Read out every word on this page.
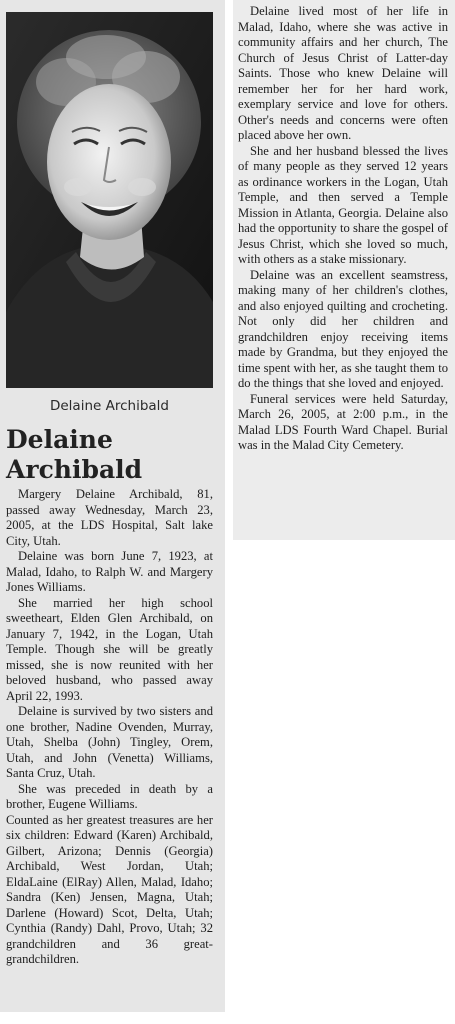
Delaine Archibald
Delaine
Archibald

Margery Delaine Archibald, 81, passed away Wednesday, March 23, 2005, at the LDS Hospital, Salt lake City, Utah.

Delaine was born June 7, 1923, at Malad, Idaho, to Ralph W. and Margery Jones Williams.

She married her high school sweetheart, Elden Glen Archibald, on January 7, 1942, in the Logan, Utah Temple. Though she will be greatly missed, she is now reunited with her beloved husband, who passed away April 22, 1993.

Delaine is survived by two sisters and one brother, Nadine Ovenden, Murray, Utah, Shelba (John) Tingley, Orem, Utah, and John (Venetta) Williams, Santa Cruz, Utah.

She was preceded in death by a brother, Eugene Williams.

Counted as her greatest treasures are her six children: Edward (Karen) Archibald, Gilbert, Arizona; Dennis (Georgia) Archibald, West Jordan, Utah; EldaLaine (ElRay) Allen, Malad, Idaho; Sandra (Ken) Jensen, Magna, Utah; Darlene (Howard) Scot, Delta, Utah; Cynthia (Randy) Dahl, Provo, Utah; 32 grandchildren and 36 great-grandchildren.

Delaine lived most of her life in Malad, Idaho, where she was active in community affairs and her church, The Church of Jesus Christ of Latter-day Saints. Those who knew Delaine will remember her for her hard work, exemplary service and love for others. Other's needs and concerns were often placed above her own.

She and her husband blessed the lives of many people as they served 12 years as ordinance workers in the Logan, Utah Temple, and then served a Temple Mission in Atlanta, Georgia. Delaine also had the opportunity to share the gospel of Jesus Christ, which she loved so much, with others as a stake missionary.

Delaine was an excellent seamstress, making many of her children's clothes, and also enjoyed quilting and crocheting. Not only did her children and grandchildren enjoy receiving items made by Grandma, but they enjoyed the time spent with her, as she taught them to do the things that she loved and enjoyed.

Funeral services were held Saturday, March 26, 2005, at 2:00 p.m., in the Malad LDS Fourth Ward Chapel. Burial was in the Malad City Cemetery.
